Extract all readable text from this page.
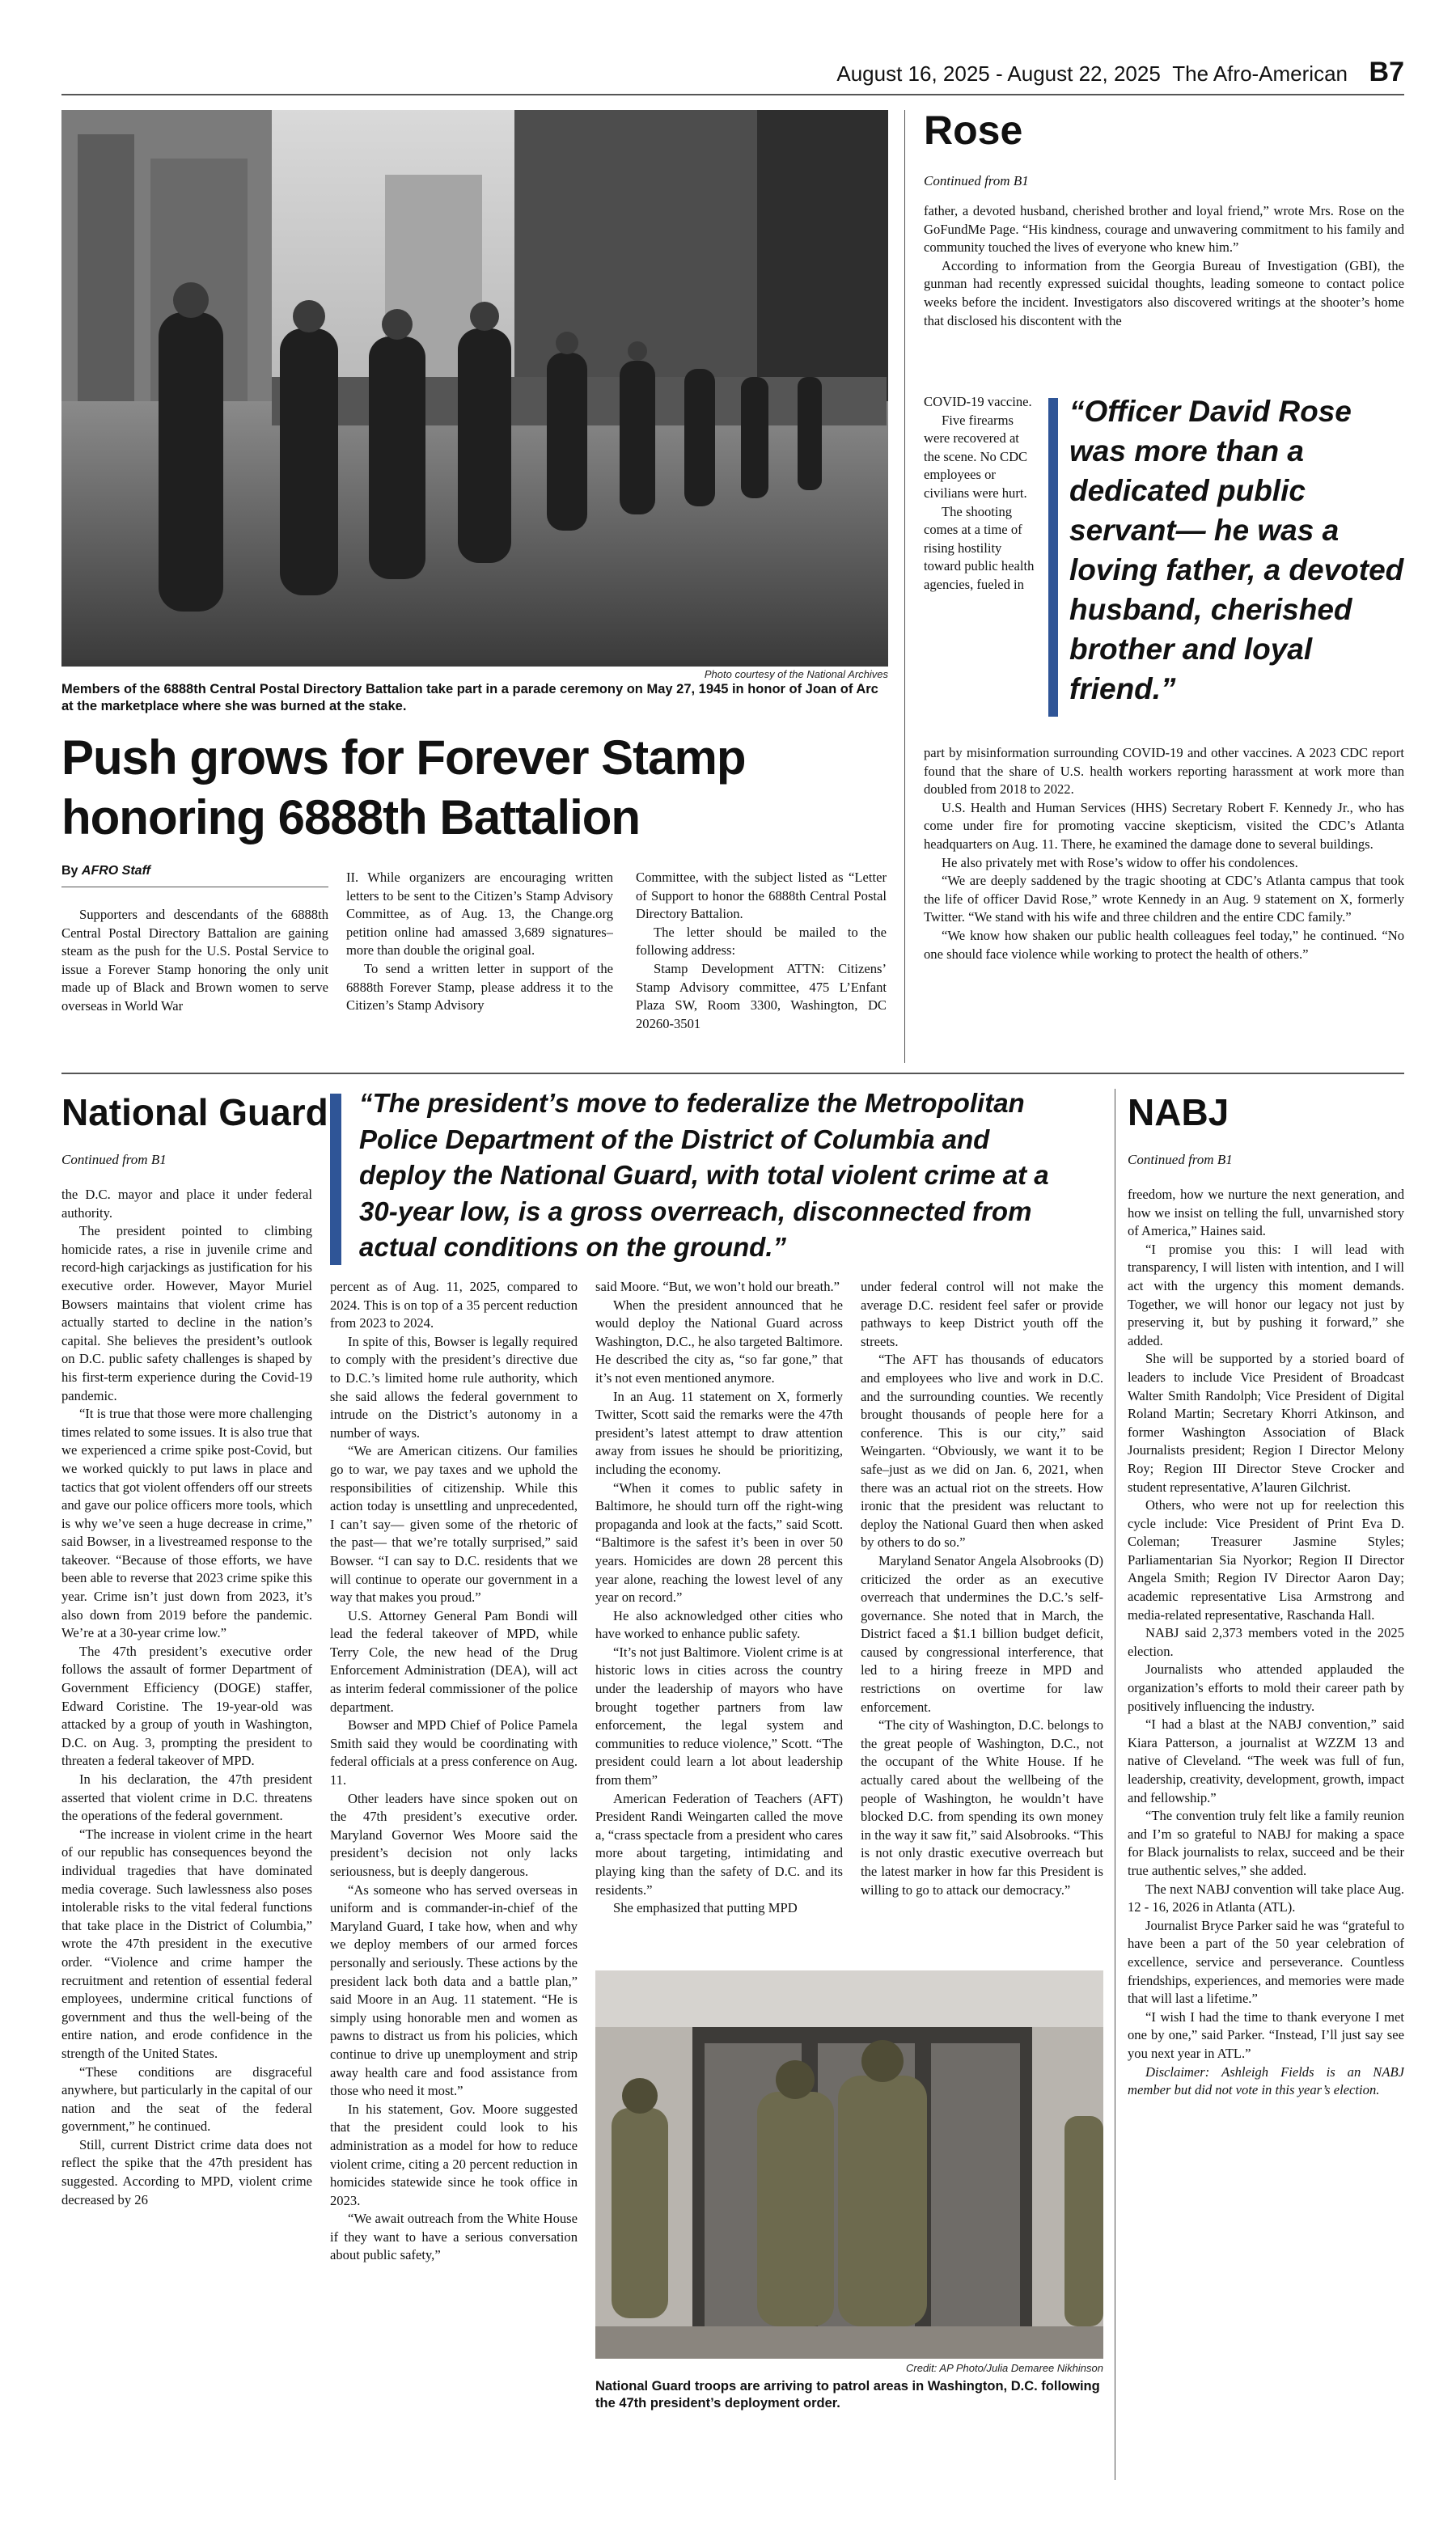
August 16, 2025 - August 22, 2025 The Afro-American B7
Photo courtesy of the National Archives
Members of the 6888th Central Postal Directory Battalion take part in a parade ceremony on May 27, 1945 in honor of Joan of Arc at the marketplace where she was burned at the stake.
Push grows for Forever Stamp
honoring 6888th Battalion
By AFRO Staff

Supporters and descendants of the 6888th Central Postal Directory Battalion are gaining steam as the push for the U.S. Postal Service to issue a Forever Stamp honoring the only unit made up of Black and Brown women to serve overseas in World War

II. While organizers are encouraging written letters to be sent to the Citizen’s Stamp Advisory Committee, as of Aug. 13, the Change.org petition online had amassed 3,689 signatures– more than double the original goal.

To send a written letter in support of the 6888th Forever Stamp, please address it to the Citizen’s Stamp Advisory

Committee, with the subject listed as “Letter of Support to honor the 6888th Central Postal Directory Battalion.

The letter should be mailed to the following address:

Stamp Development ATTN: Citizens’ Stamp Advisory committee, 475 L’Enfant Plaza SW, Room 3300, Washington, DC 20260-3501

Rose
Continued from B1

father, a devoted husband, cherished brother and loyal friend,” wrote Mrs. Rose on the GoFundMe Page. “His kindness, courage and unwavering commitment to his family and community touched the lives of everyone who knew him.”

According to information from the Georgia Bureau of Investigation (GBI), the gunman had recently expressed suicidal thoughts, leading someone to contact police weeks before the incident. Investigators also discovered writings at the shooter’s home that disclosed his discontent with the

COVID-19 vaccine.

Five firearms were recovered at the scene. No CDC employees or civilians were hurt.

The shooting comes at a time of rising hostility toward public health agencies, fueled in

“Officer David Rose was more than a dedicated public servant— he was a loving father, a devoted husband, cherished brother and loyal friend.”

part by misinformation surrounding COVID-19 and other vaccines. A 2023 CDC report found that the share of U.S. health workers reporting harassment at work more than doubled from 2018 to 2022.

U.S. Health and Human Services (HHS) Secretary Robert F. Kennedy Jr., who has come under fire for promoting vaccine skepticism, visited the CDC’s Atlanta headquarters on Aug. 11. There, he examined the damage done to several buildings.

He also privately met with Rose’s widow to offer his condolences.

“We are deeply saddened by the tragic shooting at CDC’s Atlanta campus that took the life of officer David Rose,” wrote Kennedy in an Aug. 9 statement on X, formerly Twitter. “We stand with his wife and three children and the entire CDC family.”

“We know how shaken our public health colleagues feel today,” he continued. “No one should face violence while working to protect the health of others.”

National Guard
Continued from B1
“The president’s move to federalize the Metropolitan Police Department of the District of Columbia and deploy the National Guard, with total violent crime at a 30-year low, is a gross overreach, disconnected from actual conditions on the ground.”

the D.C. mayor and place it under federal authority.

The president pointed to climbing homicide rates, a rise in juvenile crime and record-high carjackings as justification for his executive order. However, Mayor Muriel Bowsers maintains that violent crime has actually started to decline in the nation’s capital. She believes the president’s outlook on D.C. public safety challenges is shaped by his first-term experience during the Covid-19 pandemic.

“It is true that those were more challenging times related to some issues. It is also true that we experienced a crime spike post-Covid, but we worked quickly to put laws in place and tactics that got violent offenders off our streets and gave our police officers more tools, which is why we’ve seen a huge decrease in crime,” said Bowser, in a livestreamed response to the takeover. “Because of those efforts, we have been able to reverse that 2023 crime spike this year. Crime isn’t just down from 2023, it’s also down from 2019 before the pandemic. We’re at a 30-year crime low.”

The 47th president’s executive order follows the assault of former Department of Government Efficiency (DOGE) staffer, Edward Coristine. The 19-year-old was attacked by a group of youth in Washington, D.C. on Aug. 3, prompting the president to threaten a federal takeover of MPD.

In his declaration, the 47th president asserted that violent crime in D.C. threatens the operations of the federal government.

“The increase in violent crime in the heart of our republic has consequences beyond the individual tragedies that have dominated media coverage. Such lawlessness also poses intolerable risks to the vital federal functions that take place in the District of Columbia,” wrote the 47th president in the executive order. “Violence and crime hamper the recruitment and retention of essential federal employees, undermine critical functions of government and thus the well-being of the entire nation, and erode confidence in the strength of the United States.

“These conditions are disgraceful anywhere, but particularly in the capital of our nation and the seat of the federal government,” he continued.

Still, current District crime data does not reflect the spike that the 47th president has suggested. According to MPD, violent crime decreased by 26

percent as of Aug. 11, 2025, compared to 2024. This is on top of a 35 percent reduction from 2023 to 2024.

In spite of this, Bowser is legally required to comply with the president’s directive due to D.C.’s limited home rule authority, which she said allows the federal government to intrude on the District’s autonomy in a number of ways.

“We are American citizens. Our families go to war, we pay taxes and we uphold the responsibilities of citizenship. While this action today is unsettling and unprecedented, I can’t say— given some of the rhetoric of the past— that we’re totally surprised,” said Bowser. “I can say to D.C. residents that we will continue to operate our government in a way that makes you proud.”

U.S. Attorney General Pam Bondi will lead the federal takeover of MPD, while Terry Cole, the new head of the Drug Enforcement Administration (DEA), will act as interim federal commissioner of the police department.

Bowser and MPD Chief of Police Pamela Smith said they would be coordinating with federal officials at a press conference on Aug. 11.

Other leaders have since spoken out on the 47th president’s executive order. Maryland Governor Wes Moore said the president’s decision not only lacks seriousness, but is deeply dangerous.

“As someone who has served overseas in uniform and is commander-in-chief of the Maryland Guard, I take how, when and why we deploy members of our armed forces personally and seriously. These actions by the president lack both data and a battle plan,” said Moore in an Aug. 11 statement. “He is simply using honorable men and women as pawns to distract us from his policies, which continue to drive up unemployment and strip away health care and food assistance from those who need it most.”

In his statement, Gov. Moore suggested that the president could look to his administration as a model for how to reduce violent crime, citing a 20 percent reduction in homicides statewide since he took office in 2023.

“We await outreach from the White House if they want to have a serious conversation about public safety,”

said Moore. “But, we won’t hold our breath.”

When the president announced that he would deploy the National Guard across Washington, D.C., he also targeted Baltimore. He described the city as, “so far gone,” that it’s not even mentioned anymore.

In an Aug. 11 statement on X, formerly Twitter, Scott said the remarks were the 47th president’s latest attempt to draw attention away from issues he should be prioritizing, including the economy.

“When it comes to public safety in Baltimore, he should turn off the right-wing propaganda and look at the facts,” said Scott. “Baltimore is the safest it’s been in over 50 years. Homicides are down 28 percent this year alone, reaching the lowest level of any year on record.”

He also acknowledged other cities who have worked to enhance public safety.

“It’s not just Baltimore. Violent crime is at historic lows in cities across the country under the leadership of mayors who have brought together partners from law enforcement, the legal system and communities to reduce violence,” Scott. “The president could learn a lot about leadership from them”

American Federation of Teachers (AFT) President Randi Weingarten called the move a, “crass spectacle from a president who cares more about targeting, intimidating and playing king than the safety of D.C. and its residents.”

She emphasized that putting MPD

under federal control will not make the average D.C. resident feel safer or provide pathways to keep District youth off the streets.

“The AFT has thousands of educators and employees who live and work in D.C. and the surrounding counties. We recently brought thousands of people here for a conference. This is our city,” said Weingarten. “Obviously, we want it to be safe–just as we did on Jan. 6, 2021, when there was an actual riot on the streets. How ironic that the president was reluctant to deploy the National Guard then when asked by others to do so.”

Maryland Senator Angela Alsobrooks (D) criticized the order as an executive overreach that undermines the D.C.’s self-governance. She noted that in March, the District faced a $1.1 billion budget deficit, caused by congressional interference, that led to a hiring freeze in MPD and restrictions on overtime for law enforcement.

“The city of Washington, D.C. belongs to the great people of Washington, D.C., not the occupant of the White House. If he actually cared about the wellbeing of the people of Washington, he wouldn’t have blocked D.C. from spending its own money in the way it saw fit,” said Alsobrooks. “This is not only drastic executive overreach but the latest marker in how far this President is willing to go to attack our democracy.”

Credit: AP Photo/Julia Demaree Nikhinson
National Guard troops are arriving to patrol areas in Washington, D.C. following the 47th president’s deployment order.
NABJ
Continued from B1

freedom, how we nurture the next generation, and how we insist on telling the full, unvarnished story of America,” Haines said.

“I promise you this: I will lead with transparency, I will listen with intention, and I will act with the urgency this moment demands. Together, we will honor our legacy not just by preserving it, but by pushing it forward,” she added.

She will be supported by a storied board of leaders to include Vice President of Broadcast Walter Smith Randolph; Vice President of Digital Roland Martin; Secretary Khorri Atkinson, and former Washington Association of Black Journalists president; Region I Director Melony Roy; Region III Director Steve Crocker and student representative, A’lauren Gilchrist.

Others, who were not up for reelection this cycle include: Vice President of Print Eva D. Coleman; Treasurer Jasmine Styles; Parliamentarian Sia Nyorkor; Region II Director Angela Smith; Region IV Director Aaron Day; academic representative Lisa Armstrong and media-related representative, Raschanda Hall.

NABJ said 2,373 members voted in the 2025 election.

Journalists who attended applauded the organization’s efforts to mold their career path by positively influencing the industry.

“I had a blast at the NABJ convention,” said Kiara Patterson, a journalist at WZZM 13 and native of Cleveland. “The week was full of fun, leadership, creativity, development, growth, impact and fellowship.”

“The convention truly felt like a family reunion and I’m so grateful to NABJ for making a space for Black journalists to relax, succeed and be their true authentic selves,” she added.

The next NABJ convention will take place Aug. 12 - 16, 2026 in Atlanta (ATL).

Journalist Bryce Parker said he was “grateful to have been a part of the 50 year celebration of excellence, service and perseverance. Countless friendships, experiences, and memories were made that will last a lifetime.”

“I wish I had the time to thank everyone I met one by one,” said Parker. “Instead, I’ll just say see you next year in ATL.”

Disclaimer: Ashleigh Fields is an NABJ member but did not vote in this year’s election.
